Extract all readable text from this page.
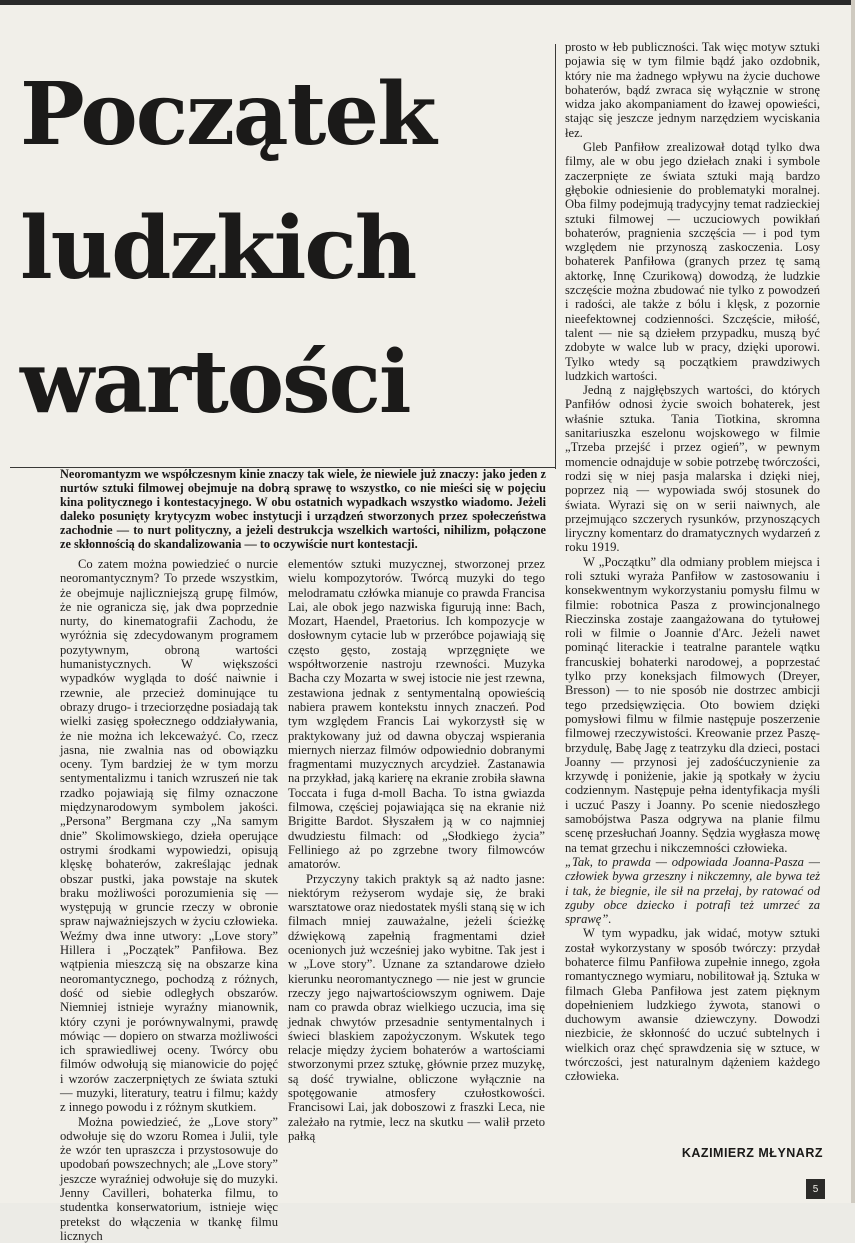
Początek
ludzkich
wartości

Neoromantyzm we współczesnym kinie znaczy tak wiele, że niewiele już znaczy: jako jeden z nurtów sztuki filmowej obejmuje na dobrą sprawę to wszystko, co nie mieści się w pojęciu kina politycznego i kontestacyjnego. W obu ostatnich wypadkach wszystko wiadomo. Jeżeli daleko posunięty krytycyzm wobec instytucji i urządzeń stworzonych przez społeczeństwa zachodnie — to nurt polityczny, a jeżeli destrukcja wszelkich wartości, nihilizm, połączone ze skłonnością do skandalizowania — to oczywiście nurt kontestacji.

Co zatem można powiedzieć o nurcie neoromantycznym? To przede wszystkim, że obejmuje najliczniejszą grupę filmów, że nie ogranicza się, jak dwa poprzednie nurty, do kinematografii Zachodu, że wyróżnia się zdecydowanym programem pozytywnym, obroną wartości humanistycznych. W większości wypadków wygląda to dość naiwnie i rzewnie, ale przecież dominujące tu obrazy drugo- i trzeciorzędne posiadają tak wielki zasięg społecznego oddziaływania, że nie można ich lekceważyć. Co, rzecz jasna, nie zwalnia nas od obowiązku oceny. Tym bardziej że w tym morzu sentymentalizmu i tanich wzruszeń nie tak rzadko pojawiają się filmy oznaczone międzynarodowym symbolem jakości. „Persona” Bergmana czy „Na samym dnie” Skolimowskiego, dzieła operujące ostrymi środkami wypowiedzi, opisują klęskę bohaterów, zakreślając jednak obszar pustki, jaka powstaje na skutek braku możliwości porozumienia się — występują w gruncie rzeczy w obronie spraw najważniejszych w życiu człowieka. Weźmy dwa inne utwory: „Love story” Hillera i „Początek” Panfiłowa. Bez wątpienia mieszczą się na obszarze kina neoromantycznego, pochodzą z różnych, dość od siebie odległych obszarów. Niemniej istnieje wyraźny mianownik, który czyni je porównywalnymi, prawdę mówiąc — dopiero on stwarza możliwości ich sprawiedliwej oceny. Twórcy obu filmów odwołują się mianowicie do pojęć i wzorów zaczerpniętych ze świata sztuki — muzyki, literatury, teatru i filmu; każdy z innego powodu i z różnym skutkiem.

Można powiedzieć, że „Love story” odwołuje się do wzoru Romea i Julii, tyle że wzór ten upraszcza i przystosowuje do upodobań powszechnych; ale „Love story” jeszcze wyraźniej odwołuje się do muzyki. Jenny Cavilleri, bohaterka filmu, to studentka konserwatorium, istnieje więc pretekst do włączenia w tkankę filmu licznych

elementów sztuki muzycznej, stworzonej przez wielu kompozytorów. Twórcą muzyki do tego melodramatu człówka mianuje co prawda Francisa Lai, ale obok jego nazwiska figurują inne: Bach, Mozart, Haendel, Praetorius. Ich kompozycje w dosłownym cytacie lub w przeróbce pojawiają się często gęsto, zostają wprzęgnięte we współtworzenie nastroju rzewności. Muzyka Bacha czy Mozarta w swej istocie nie jest rzewna, zestawiona jednak z sentymentalną opowieścią nabiera prawem kontekstu innych znaczeń. Pod tym względem Francis Lai wykorzystł się w praktykowany już od dawna obyczaj wspierania miernych nierzaz filmów odpowiednio dobranymi fragmentami muzycznych arcydzieł. Zastanawia na przykład, jaką karierę na ekranie zrobiła sławna Toccata i fuga d-moll Bacha. To istna gwiazda filmowa, częściej pojawiająca się na ekranie niż Brigitte Bardot. Słyszałem ją w co najmniej dwudziestu filmach: od „Słodkiego życia” Felliniego aż po zgrzebne twory filmowców amatorów.

Przyczyny takich praktyk są aż nadto jasne: niektórym reżyserom wydaje się, że braki warsztatowe oraz niedostatek myśli staną się w ich filmach mniej zauważalne, jeżeli ścieżkę dźwiękową zapełnią fragmentami dzieł ocenionych już wcześniej jako wybitne. Tak jest i w „Love story”. Uznane za sztandarowe dzieło kierunku neoromantycznego — nie jest w gruncie rzeczy jego najwartościowszym ogniwem. Daje nam co prawda obraz wielkiego uczucia, ima się jednak chwytów przesadnie sentymentalnych i świeci blaskiem zapożyczonym. Wskutek tego relacje między życiem bohaterów a wartościami stworzonymi przez sztukę, głównie przez muzykę, są dość trywialne, obliczone wyłącznie na spotęgowanie atmosfery czułostkowości. Francisowi Lai, jak doboszowi z fraszki Leca, nie zależało na rytmie, lecz na skutku — walił przeto pałką

prosto w łeb publiczności. Tak więc motyw sztuki pojawia się w tym filmie bądź jako ozdobnik, który nie ma żadnego wpływu na życie duchowe bohaterów, bądź zwraca się wyłącznie w stronę widza jako akompaniament do łzawej opowieści, stając się jeszcze jednym narzędziem wyciskania łez.

Gleb Panfiłow zrealizował dotąd tylko dwa filmy, ale w obu jego dziełach znaki i symbole zaczerpnięte ze świata sztuki mają bardzo głębokie odniesienie do problematyki moralnej. Oba filmy podejmują tradycyjny temat radzieckiej sztuki filmowej — uczuciowych powikłań bohaterów, pragnienia szczęścia — i pod tym względem nie przynoszą zaskoczenia. Losy bohaterek Panfiłowa (granych przez tę samą aktorkę, Innę Czurikową) dowodzą, że ludzkie szczęście można zbudować nie tylko z powodzeń i radości, ale także z bólu i klęsk, z pozornie nieefektownej codzienności. Szczęście, miłość, talent — nie są dziełem przypadku, muszą być zdobyte w walce lub w pracy, dzięki uporowi. Tylko wtedy są początkiem prawdziwych ludzkich wartości.

Jedną z najgłębszych wartości, do których Panfiłów odnosi życie swoich bohaterek, jest właśnie sztuka. Tania Tiotkina, skromna sanitariuszka eszelonu wojskowego w filmie „Trzeba przejść i przez ogień”, w pewnym momencie odnajduje w sobie potrzebę twórczości, rodzi się w niej pasja malarska i dzięki niej, poprzez nią — wypowiada swój stosunek do świata. Wyrazi się on w serii naiwnych, ale przejmująco szczerych rysunków, przynoszących liryczny komentarz do dramatycznych wydarzeń z roku 1919.

W „Początku” dla odmiany problem miejsca i roli sztuki wyraża Panfiłow w zastosowaniu i konsekwentnym wykorzystaniu pomysłu filmu w filmie: robotnica Pasza z prowincjonalnego Rieczinska zostaje zaangażowana do tytułowej roli w filmie o Joannie d'Arc. Jeżeli nawet pominąć literackie i teatralne parantele wątku francuskiej bohaterki narodowej, a poprzestać tylko przy koneksjach filmowych (Dreyer, Bresson) — to nie sposób nie dostrzec ambicji tego przedsięwzięcia. Oto bowiem dzięki pomysłowi filmu w filmie następuje poszerzenie filmowej rzeczywistości. Kreowanie przez Paszę-brzydulę, Babę Jagę z teatrzyku dla dzieci, postaci Joanny — przynosi jej zadośćuczynienie za krzywdę i poniżenie, jakie ją spotkały w życiu codziennym. Następuje pełna identyfikacja myśli i uczuć Paszy i Joanny. Po scenie niedoszłego samobójstwa Pasza odgrywa na planie filmu scenę przesłuchań Joanny. Sędzia wygłasza mowę na temat grzechu i nikczemności człowieka.

„Tak, to prawda — odpowiada Joanna-Pasza — człowiek bywa grzeszny i nikczemny, ale bywa też i tak, że biegnie, ile sił na przełaj, by ratować od zguby obce dziecko i potrafi też umrzeć za sprawę”.

W tym wypadku, jak widać, motyw sztuki został wykorzystany w sposób twórczy: przydał bohaterce filmu Panfiłowa zupełnie innego, zgoła romantycznego wymiaru, nobilitował ją. Sztuka w filmach Gleba Panfiłowa jest zatem pięknym dopełnieniem ludzkiego żywota, stanowi o duchowym awansie dziewczyny. Dowodzi niezbicie, że skłonność do uczuć subtelnych i wielkich oraz chęć sprawdzenia się w sztuce, w twórczości, jest naturalnym dążeniem każdego człowieka.

KAZIMIERZ MŁYNARZ
5
